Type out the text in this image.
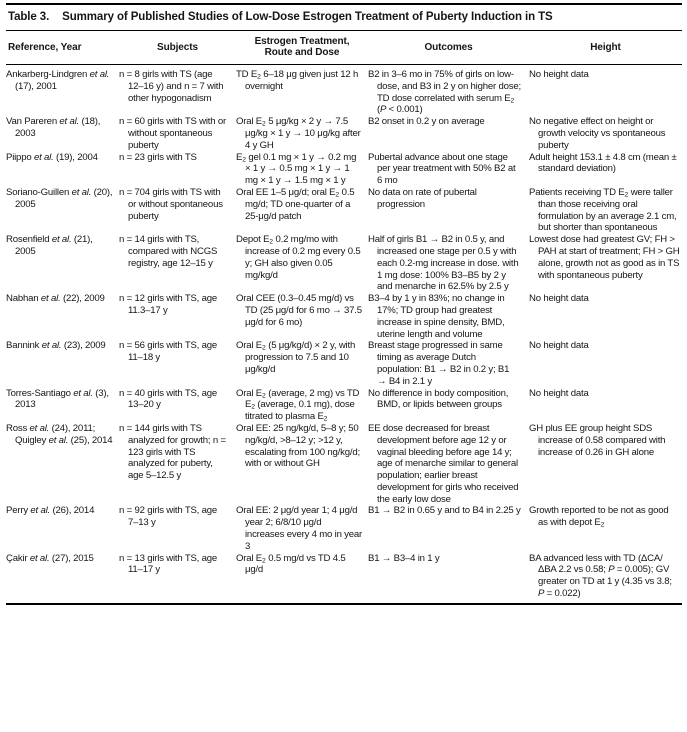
Table 3. Summary of Published Studies of Low-Dose Estrogen Treatment of Puberty Induction in TS
Reference, Year	Subjects	Estrogen Treatment,
Route and Dose	Outcomes	Height
Ankarberg-Lindgren et al. (17), 2001	n = 8 girls with TS (age 12–16 y) and n = 7 with other hypogonadism	TD $E_2$ 6–18 μg given just 12 h overnight	B2 in 3–6 mo in 75% of girls on low-dose, and B3 in 2 y on higher dose; TD dose correlated with serum $E_2$ (P < 0.001)	No height data
Van Pareren et al. (18), 2003	n = 60 girls with TS with or without spontaneous puberty	Oral $E_2$ 5 μg/kg × 2 y → 7.5 μg/kg × 1 y → 10 μg/kg after 4 y GH	B2 onset in 0.2 y on average	No negative effect on height or growth velocity vs spontaneous puberty
Piippo et al. (19), 2004	n = 23 girls with TS	$E_2$ gel 0.1 mg × 1 y → 0.2 mg × 1 y → 0.5 mg × 1 y → 1 mg × 1 y → 1.5 mg × 1 y	Pubertal advance about one stage per year treatment with 50% B2 at 6 mo	Adult height 153.1 ± 4.8 cm (mean ± standard deviation)
Soriano-Guillen et al. (20), 2005	n = 704 girls with TS with or without spontaneous puberty	Oral EE 1–5 μg/d; oral $E_2$ 0.5 mg/d; TD one-quarter of a 25-μg/d patch	No data on rate of pubertal progression	Patients receiving TD $E_2$ were taller than those receiving oral formulation by an average 2.1 cm, but shorter than spontaneous
Rosenfield et al. (21), 2005	n = 14 girls with TS, compared with NCGS registry, age 12–15 y	Depot $E_2$ 0.2 mg/mo with increase of 0.2 mg every 0.5 y; GH also given 0.05 mg/kg/d	Half of girls B1 → B2 in 0.5 y, and increased one stage per 0.5 y with each 0.2-mg increase in dose. with 1 mg dose: 100% B3–B5 by 2 y and menarche in 62.5% by 2.5 y	Lowest dose had greatest GV; FH > PAH at start of treatment; FH > GH alone, growth not as good as in TS with spontaneous puberty
Nabhan et al. (22), 2009	n = 12 girls with TS, age 11.3–17 y	Oral CEE (0.3–0.45 mg/d) vs TD (25 μg/d for 6 mo → 37.5 μg/d for 6 mo)	B3–4 by 1 y in 83%; no change in 17%; TD group had greatest increase in spine density, BMD, uterine length and volume	No height data
Bannink et al. (23), 2009	n = 56 girls with TS, age 11–18 y	Oral $E_2$ (5 μg/kg/d) × 2 y, with progression to 7.5 and 10 μg/kg/d	Breast stage progressed in same timing as average Dutch population: B1 → B2 in 0.2 y; B1 → B4 in 2.1 y	No height data
Torres-Santiago et al. (3), 2013	n = 40 girls with TS, age 13–20 y	Oral $E_2$ (average, 2 mg) vs TD $E_2$ (average, 0.1 mg), dose titrated to plasma $E_2$	No difference in body composition, BMD, or lipids between groups	No height data
Ross et al. (24), 2011; Quigley et al. (25), 2014	n = 144 girls with TS analyzed for growth; n = 123 girls with TS analyzed for puberty, age 5–12.5 y	Oral EE: 25 ng/kg/d, 5–8 y; 50 ng/kg/d, >8–12 y; >12 y, escalating from 100 ng/kg/d; with or without GH	EE dose decreased for breast development before age 12 y or vaginal bleeding before age 14 y; age of menarche similar to general population; earlier breast development for girls who received the early low dose	GH plus EE group height SDS increase of 0.58 compared with increase of 0.26 in GH alone
Perry et al. (26), 2014	n = 92 girls with TS, age 7–13 y	Oral EE: 2 μg/d year 1; 4 μg/d year 2; 6/8/10 μg/d increases every 4 mo in year 3	B1 → B2 in 0.65 y and to B4 in 2.25 y	Growth reported to be not as good as with depot $E_2$
Çakir et al. (27), 2015	n = 13 girls with TS, age 11–17 y	Oral $E_2$ 0.5 mg/d vs TD 4.5 μg/d	B1 → B3–4 in 1 y	BA advanced less with TD (ΔCA/ΔBA 2.2 vs 0.58; P = 0.005); GV greater on TD at 1 y (4.35 vs 3.8; P = 0.022)
